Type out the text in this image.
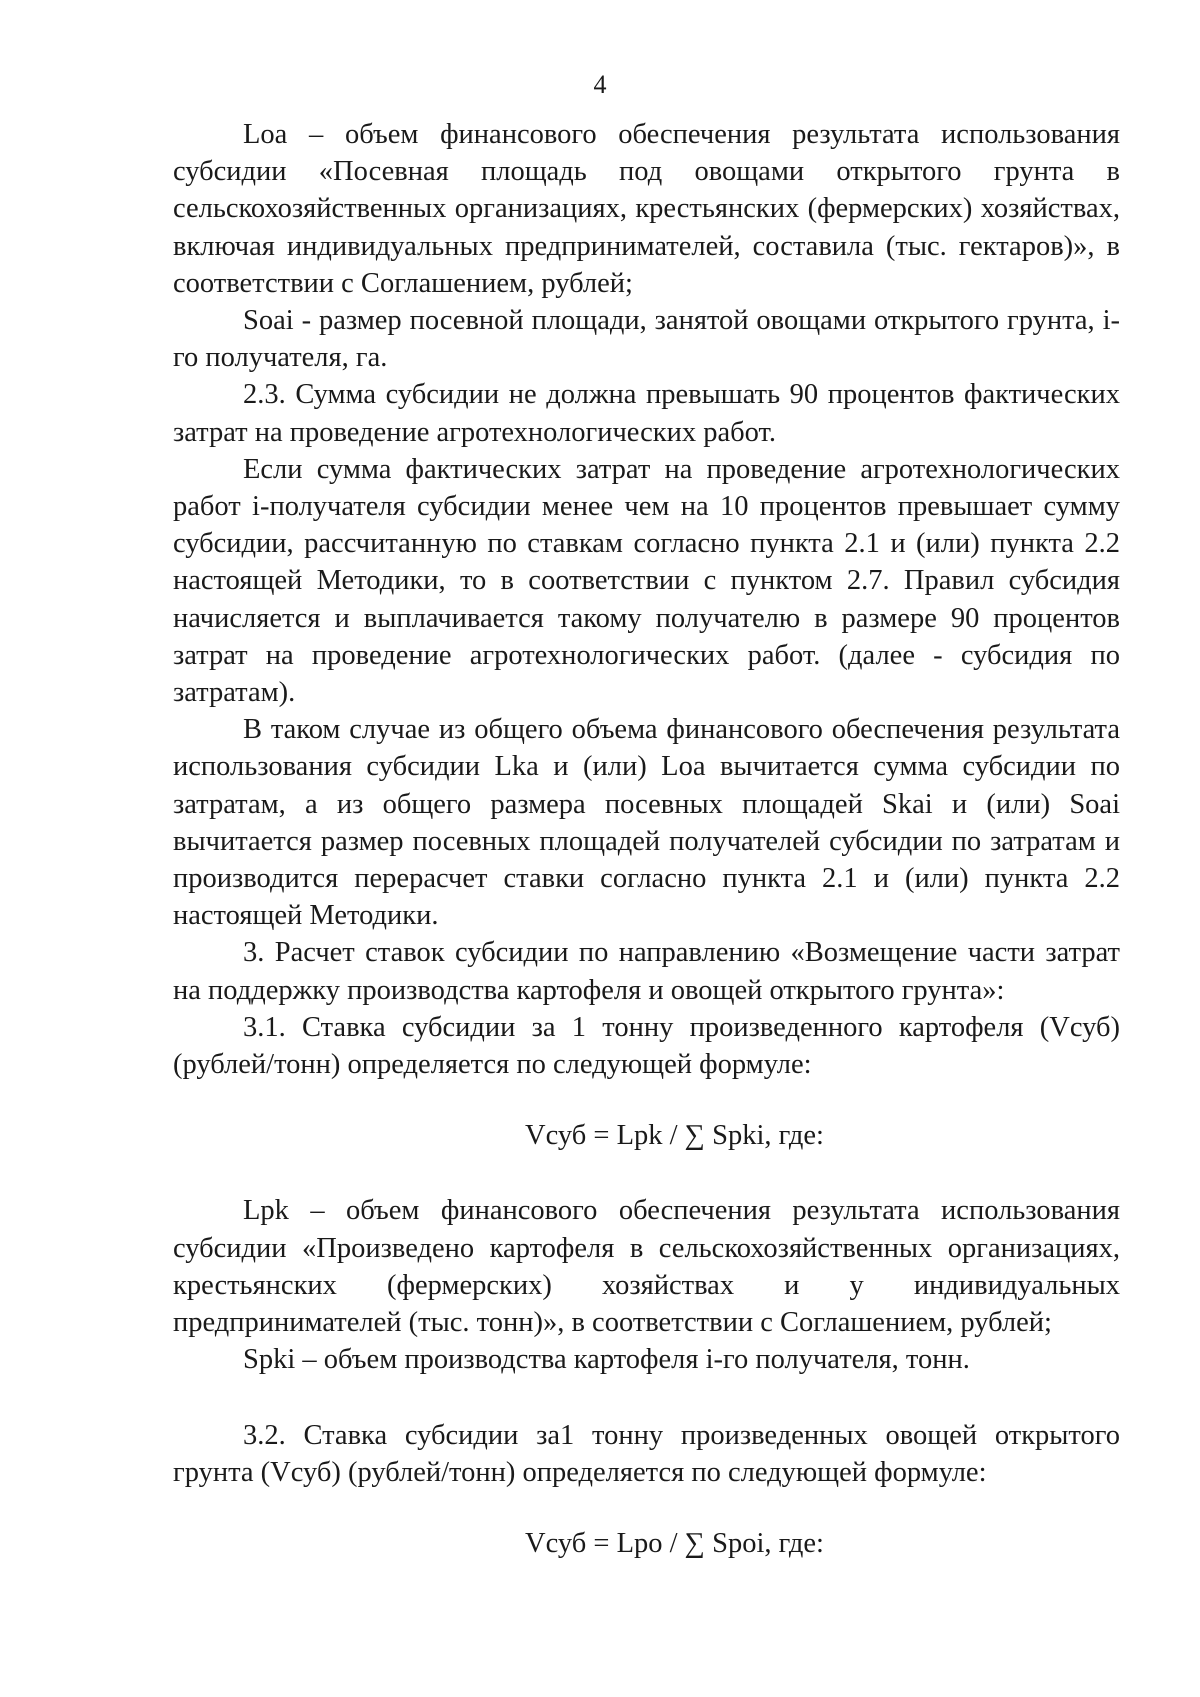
4

Loa – объем финансового обеспечения результата использования субсидии «Посевная площадь под овощами открытого грунта в сельскохозяйственных организациях, крестьянских (фермерских) хозяйствах, включая индивидуальных предпринимателей, составила (тыс. гектаров)», в соответствии с Соглашением, рублей;

Soai - размер посевной площади, занятой овощами открытого грунта, i-го получателя, га.

2.3. Сумма субсидии не должна превышать 90 процентов фактических затрат на проведение агротехнологических работ.

Если сумма фактических затрат на проведение агротехнологических работ i-получателя субсидии менее чем на 10 процентов превышает сумму субсидии, рассчитанную по ставкам согласно пункта 2.1 и (или) пункта 2.2 настоящей Методики, то в соответствии с пунктом 2.7. Правил субсидия начисляется и выплачивается такому получателю в размере 90 процентов затрат на проведение агротехнологических работ. (далее - субсидия по затратам).

В таком случае из общего объема финансового обеспечения результата использования субсидии Lka и (или) Loa вычитается сумма субсидии по затратам, а из общего размера посевных площадей Skai и (или) Soai вычитается размер посевных площадей получателей субсидии по затратам и производится перерасчет ставки согласно пункта 2.1 и (или) пункта 2.2 настоящей Методики.

3. Расчет ставок субсидии по направлению «Возмещение части затрат на поддержку производства картофеля и овощей открытого грунта»:

3.1. Ставка субсидии за 1 тонну произведенного картофеля (Vсуб) (рублей/тонн) определяется по следующей формуле:

Vсуб = Lpk / ∑ Spki, где:

Lpk – объем финансового обеспечения результата использования субсидии «Произведено картофеля в сельскохозяйственных организациях, крестьянских (фермерских) хозяйствах и у индивидуальных предпринимателей (тыс. тонн)», в соответствии с Соглашением, рублей;

Spki – объем производства картофеля i-го получателя, тонн.

3.2. Ставка субсидии за1 тонну произведенных овощей открытого грунта (Vсуб) (рублей/тонн) определяется по следующей формуле:

Vсуб = Lpo / ∑ Spoi, где:
